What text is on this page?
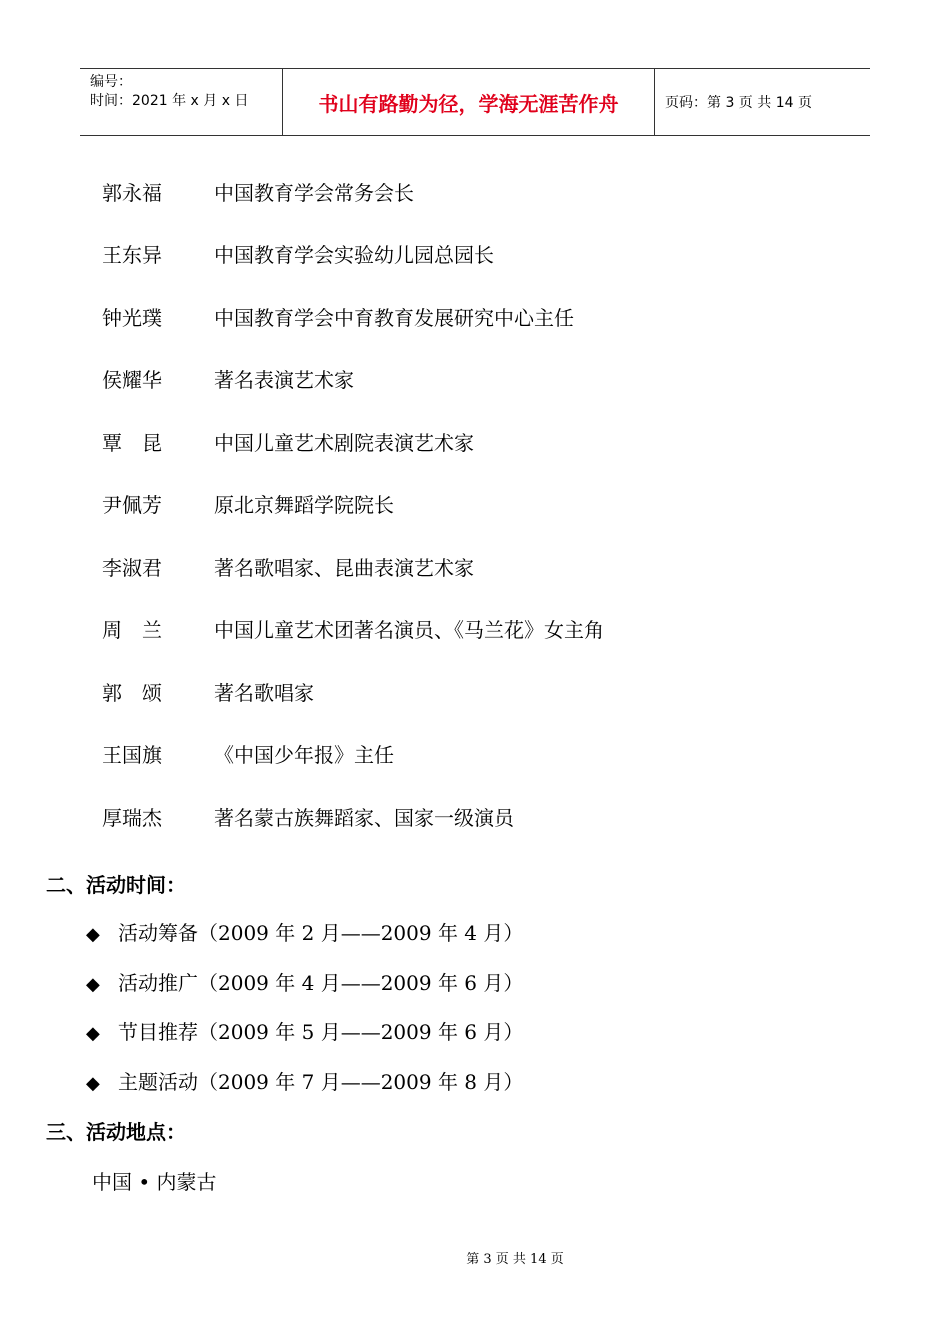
编号：
时间：2021 年 x 月 x 日	书山有路勤为径，学海无涯苦作舟	页码：第 3 页 共 14 页
郭永福	中国教育学会常务会长
王东异	中国教育学会实验幼儿园总园长
钟光璞	中国教育学会中育教育发展研究中心主任
侯耀华	著名表演艺术家
覃　昆	中国儿童艺术剧院表演艺术家
尹佩芳	原北京舞蹈学院院长
李淑君	著名歌唱家、昆曲表演艺术家
周　兰	中国儿童艺术团著名演员、《马兰花》女主角
郭　颂	著名歌唱家
王国旗	《中国少年报》主任
厚瑞杰	著名蒙古族舞蹈家、国家一级演员
二、活动时间：
◆ 活动筹备（2009 年 2 月——2009 年 4 月）
◆ 活动推广（2009 年 4 月——2009 年 6 月）
◆ 节目推荐（2009 年 5 月——2009 年 6 月）
◆ 主题活动（2009 年 7 月——2009 年 8 月）
三、活动地点：
中国 • 内蒙古
第 3 页 共 14 页
